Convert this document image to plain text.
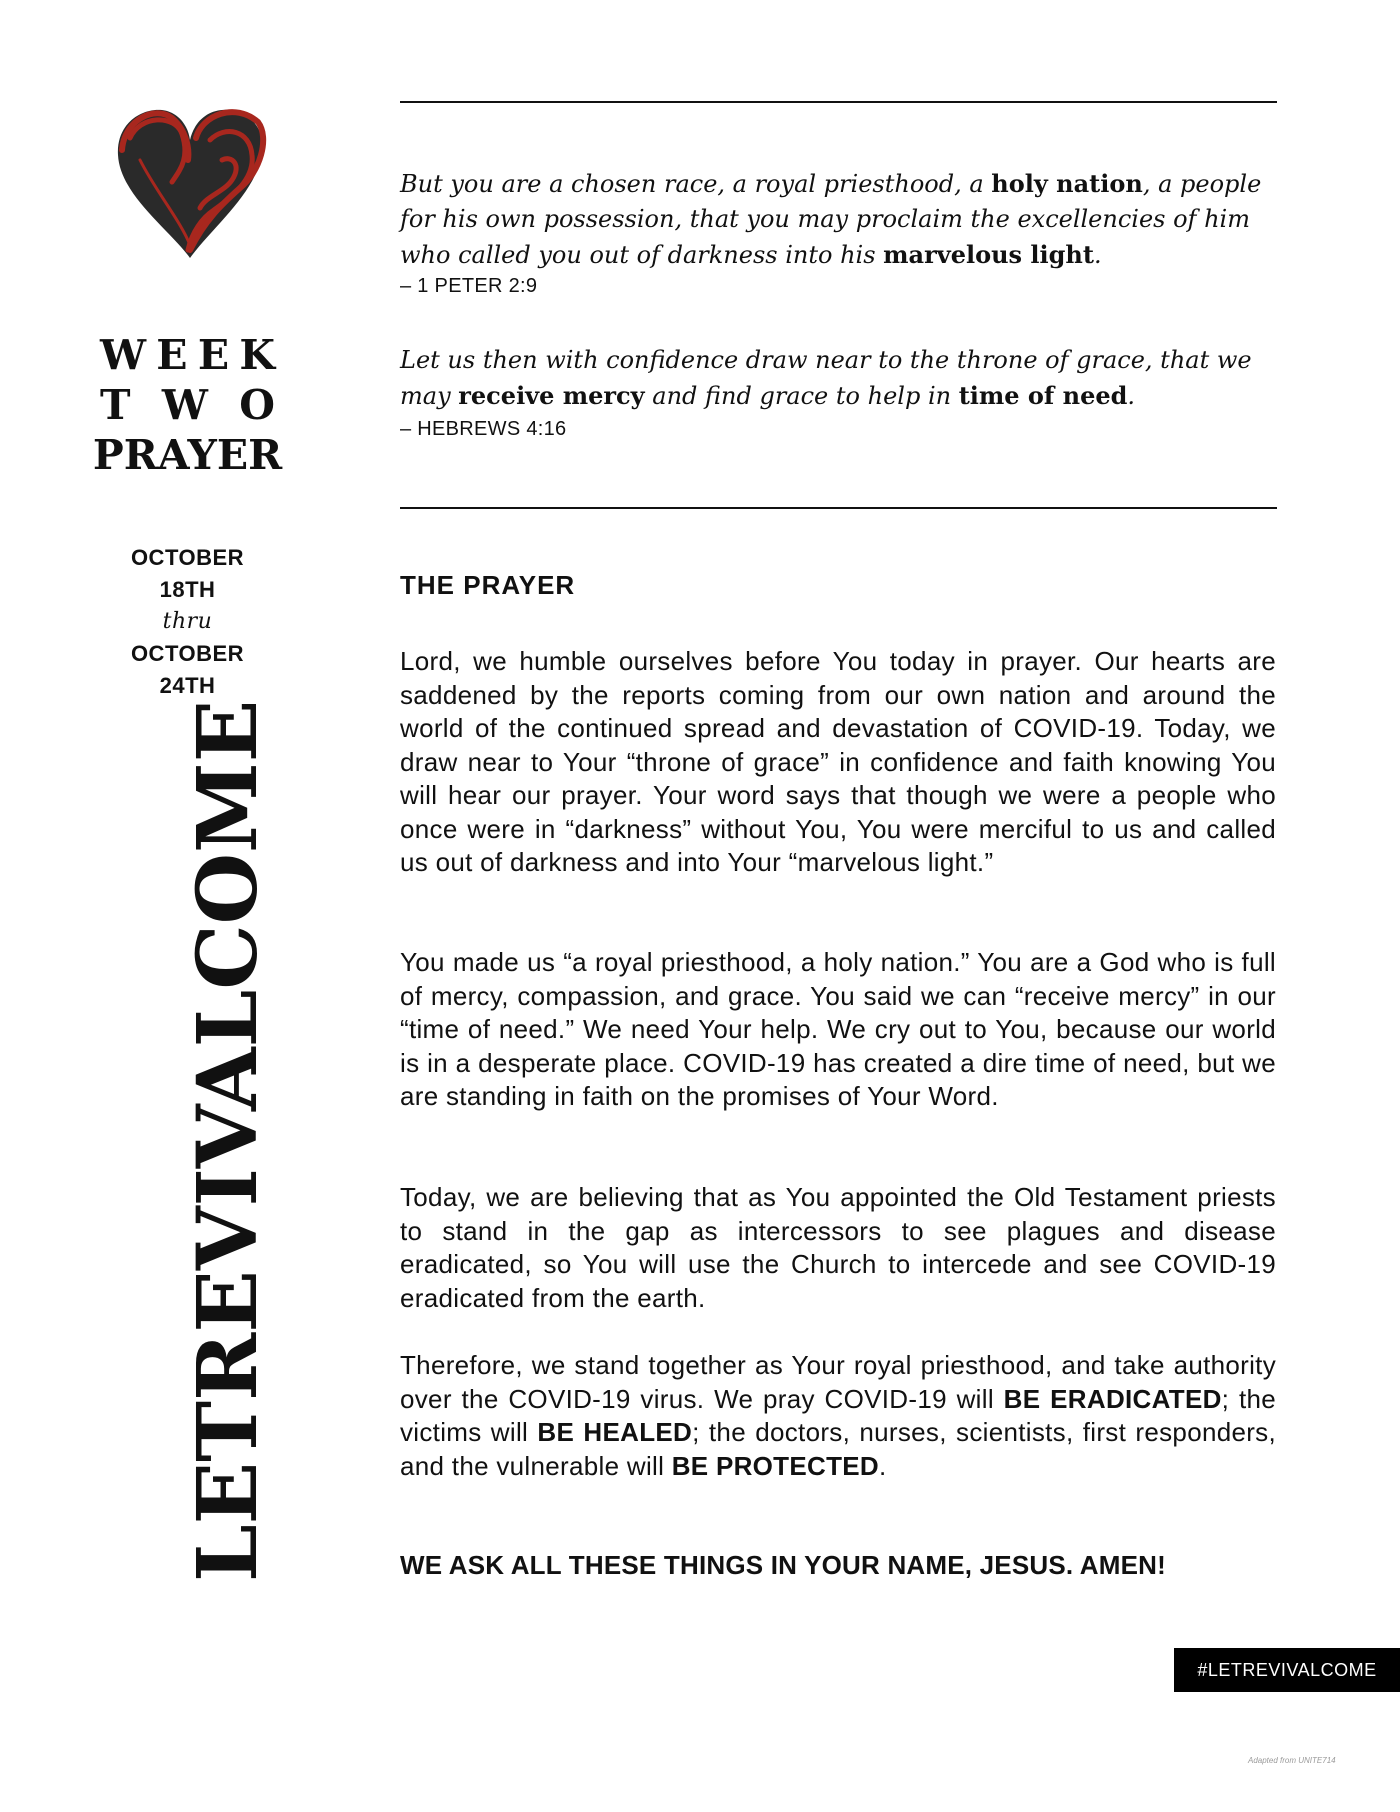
W E E K
T W O
PRAYER
OCTOBER
18TH
thru
OCTOBER
24TH
LETREVIVALCOME
But you are a chosen race, a royal priesthood, a holy nation, a people for his own possession, that you may proclaim the excellencies of him who called you out of darkness into his marvelous light.
– 1 PETER 2:9
Let us then with confidence draw near to the throne of grace, that we may receive mercy and find grace to help in time of need.
– HEBREWS 4:16
THE PRAYER
Lord, we humble ourselves before You today in prayer. Our hearts are saddened by the reports coming from our own nation and around the world of the continued spread and devastation of COVID-19. Today, we draw near to Your “throne of grace” in confidence and faith knowing You will hear our prayer. Your word says that though we were a people who once were in “darkness” without You, You were merciful to us and called us out of darkness and into Your “marvelous light.”
You made us “a royal priesthood, a holy nation.” You are a God who is full of mercy, compassion, and grace. You said we can “receive mercy” in our “time of need.” We need Your help. We cry out to You, because our world is in a desperate place. COVID-19 has created a dire time of need, but we are standing in faith on the promises of Your Word.
Today, we are believing that as You appointed the Old Testament priests to stand in the gap as intercessors to see plagues and disease eradicated, so You will use the Church to intercede and see COVID-19 eradicated from the earth.
Therefore, we stand together as Your royal priesthood, and take authority over the COVID-19 virus. We pray COVID-19 will BE ERADICATED; the victims will BE HEALED; the doctors, nurses, scientists, first responders, and the vulnerable will BE PROTECTED.
WE ASK ALL THESE THINGS IN YOUR NAME, JESUS. AMEN!
#LETREVIVALCOME
Adapted from UNITE714
